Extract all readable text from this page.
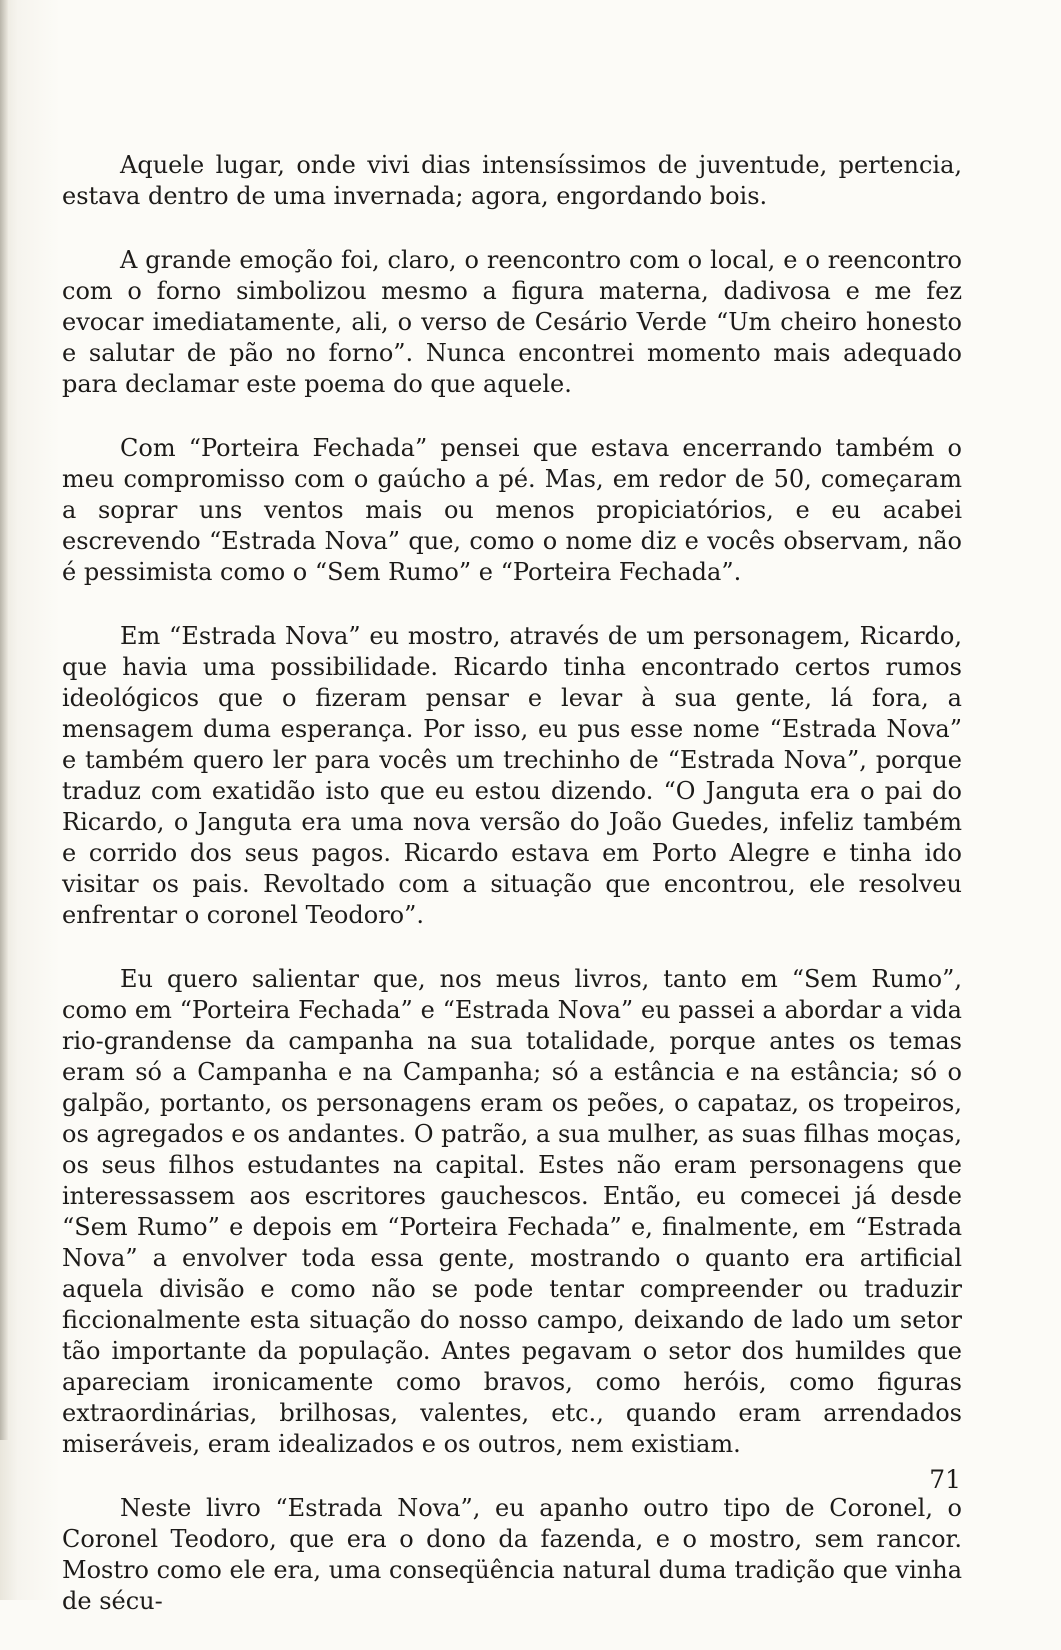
Aquele lugar, onde vivi dias intensíssimos de juventude, pertencia, estava dentro de uma invernada; agora, engordando bois.

A grande emoção foi, claro, o reencontro com o local, e o reencontro com o forno simbolizou mesmo a figura materna, dadivosa e me fez evocar imediatamente, ali, o verso de Cesário Verde “Um cheiro honesto e salutar de pão no forno”. Nunca encontrei momento mais adequado para declamar este poema do que aquele.

Com “Porteira Fechada” pensei que estava encerrando também o meu compromisso com o gaúcho a pé. Mas, em redor de 50, começaram a soprar uns ventos mais ou menos propiciatórios, e eu acabei escrevendo “Estrada Nova” que, como o nome diz e vocês observam, não é pessimista como o “Sem Rumo” e “Porteira Fechada”.

Em “Estrada Nova” eu mostro, através de um personagem, Ricardo, que havia uma possibilidade. Ricardo tinha encontrado certos rumos ideológicos que o fizeram pensar e levar à sua gente, lá fora, a mensagem duma esperança. Por isso, eu pus esse nome “Estrada Nova” e também quero ler para vocês um trechinho de “Estrada Nova”, porque traduz com exatidão isto que eu estou dizendo. “O Janguta era o pai do Ricardo, o Janguta era uma nova versão do João Guedes, infeliz também e corrido dos seus pagos. Ricardo estava em Porto Alegre e tinha ido visitar os pais. Revoltado com a situação que encontrou, ele resolveu enfrentar o coronel Teodoro”.

Eu quero salientar que, nos meus livros, tanto em “Sem Rumo”, como em “Porteira Fechada” e “Estrada Nova” eu passei a abordar a vida rio-grandense da campanha na sua totalidade, porque antes os temas eram só a Campanha e na Campanha; só a estância e na estância; só o galpão, portanto, os personagens eram os peões, o capataz, os tropeiros, os agregados e os andantes. O patrão, a sua mulher, as suas filhas moças, os seus filhos estudantes na capital. Estes não eram personagens que interessassem aos escritores gauchescos. Então, eu comecei já desde “Sem Rumo” e depois em “Porteira Fechada” e, finalmente, em “Estrada Nova” a envolver toda essa gente, mostrando o quanto era artificial aquela divisão e como não se pode tentar compreender ou traduzir ficcionalmente esta situação do nosso campo, deixando de lado um setor tão importante da população. Antes pegavam o setor dos humildes que apareciam ironicamente como bravos, como heróis, como figuras extraordinárias, brilhosas, valentes, etc., quando eram arrendados miseráveis, eram idealizados e os outros, nem existiam.

Neste livro “Estrada Nova”, eu apanho outro tipo de Coronel, o Coronel Teodoro, que era o dono da fazenda, e o mostro, sem rancor. Mostro como ele era, uma conseqüência natural duma tradição que vinha de sécu-

71
